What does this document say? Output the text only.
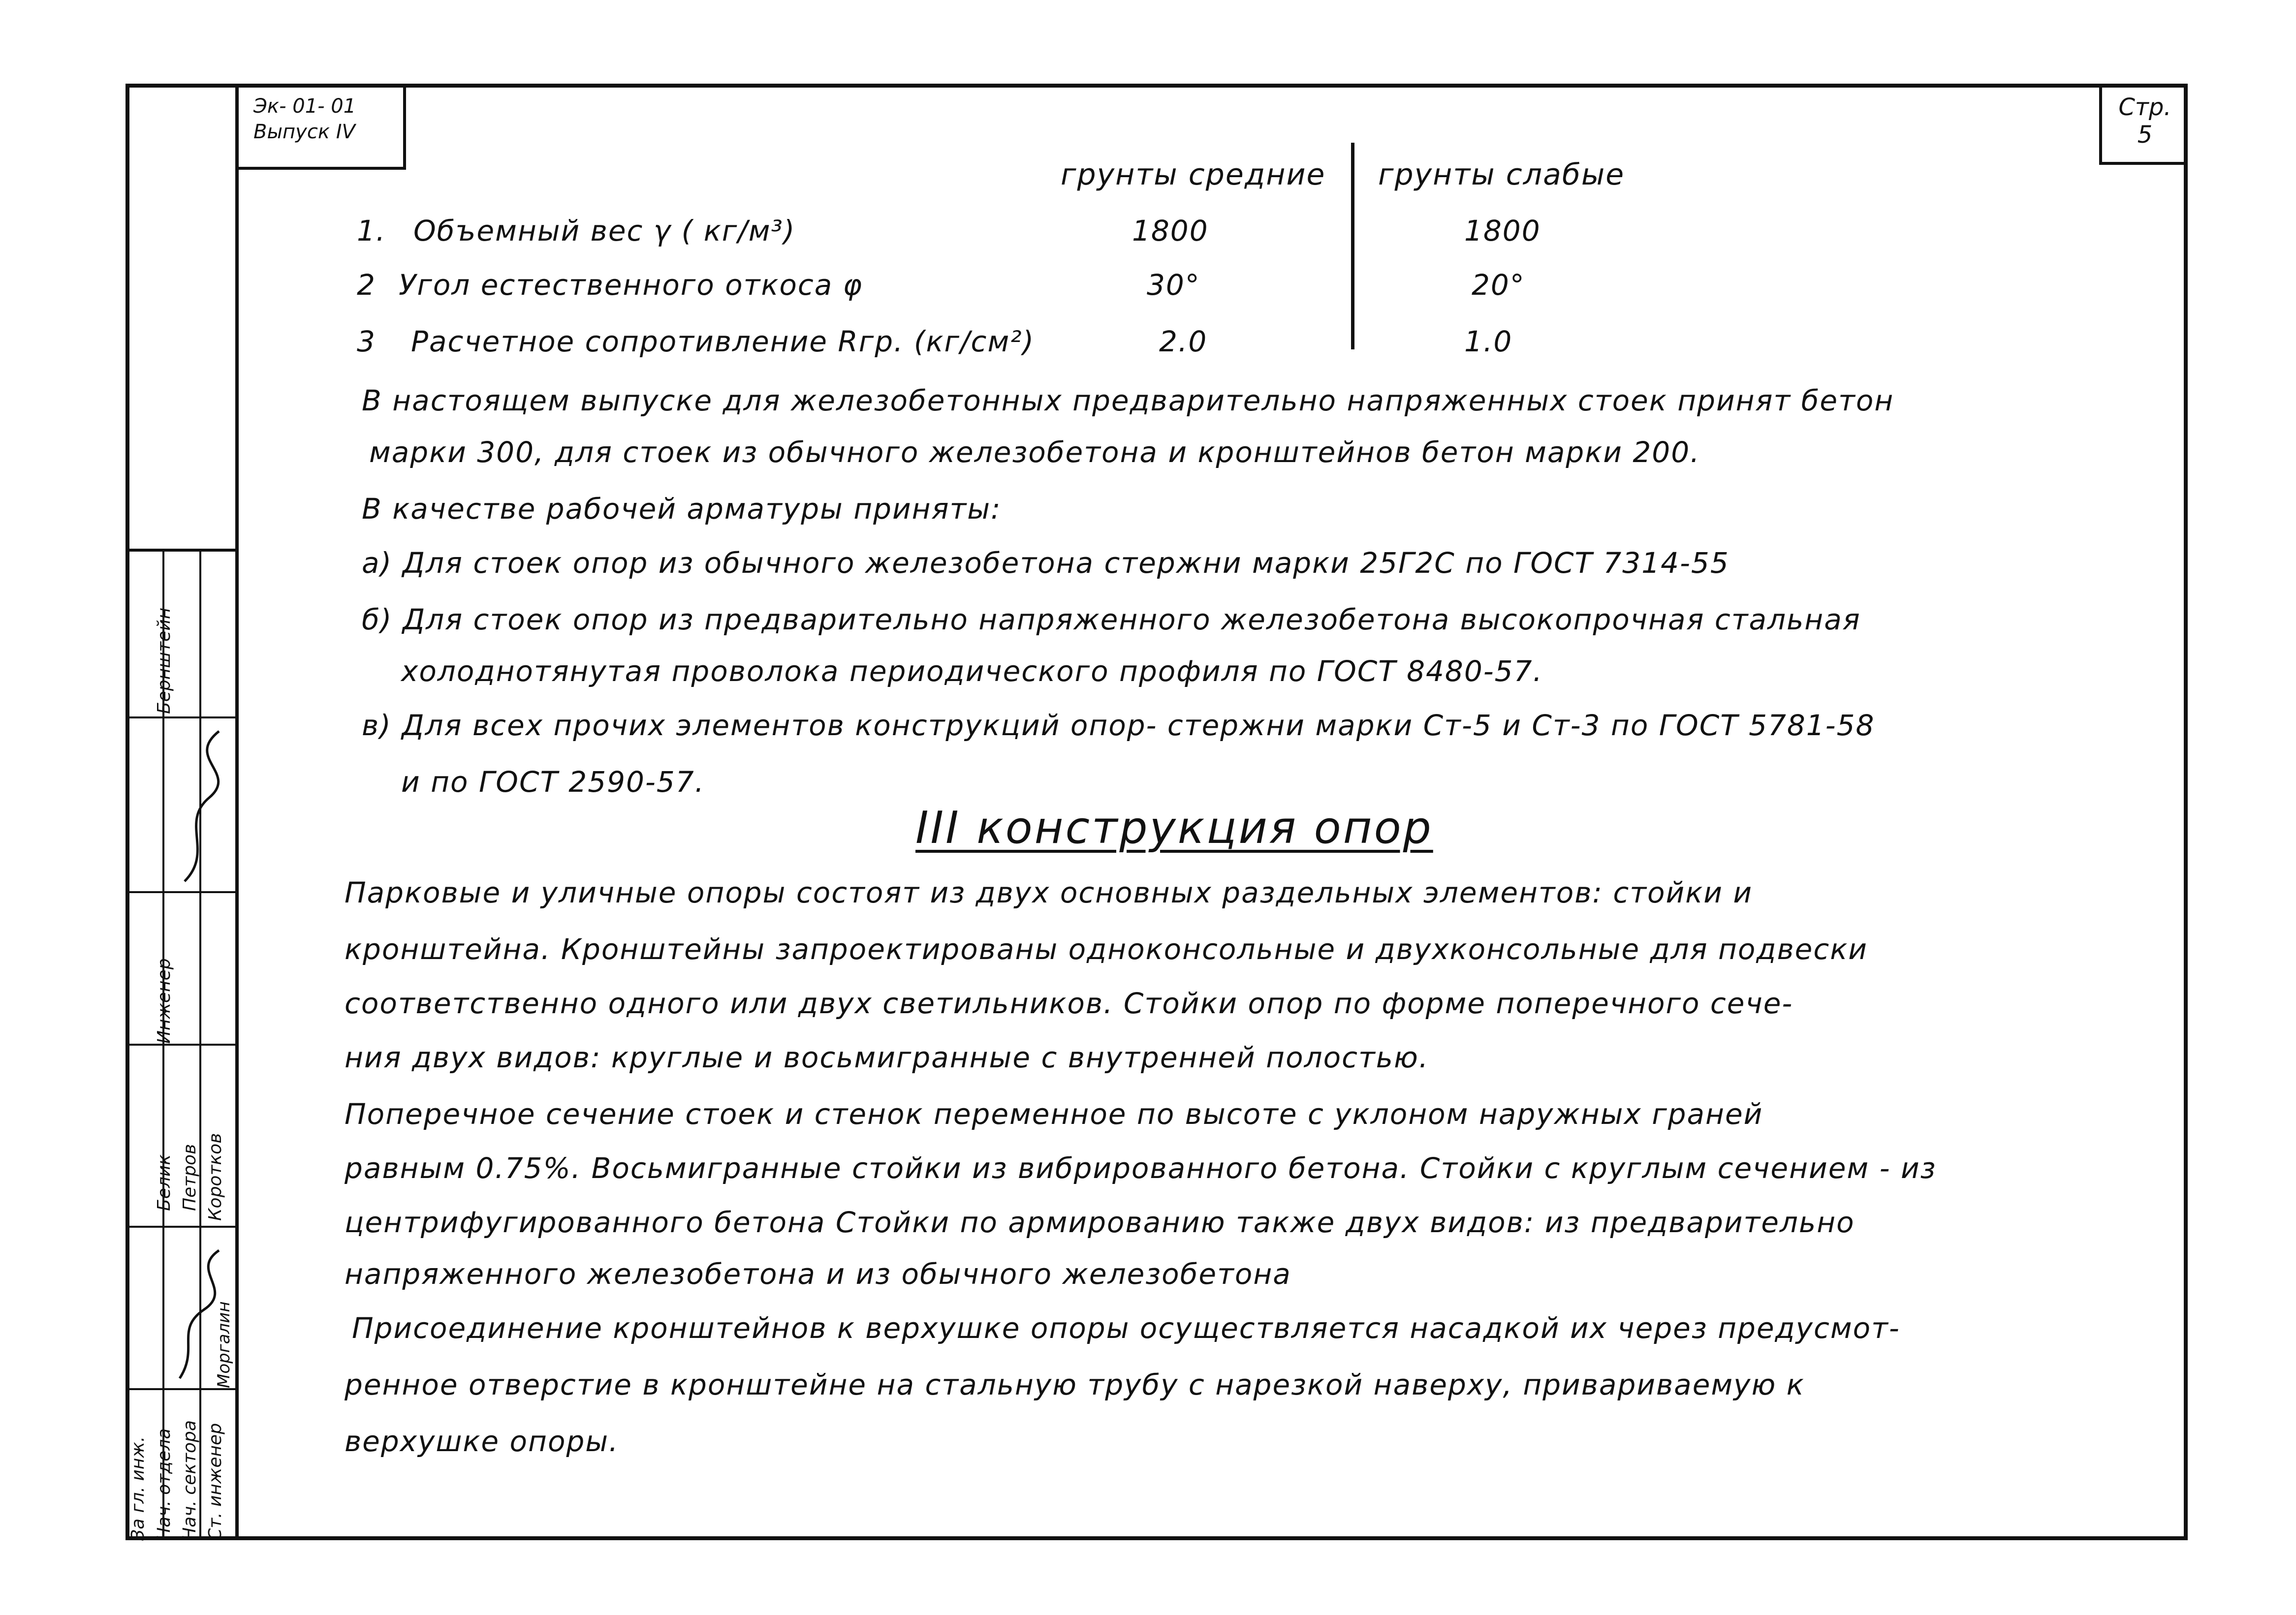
Эк- 01- 01
Выпуск IV
Стр.
5
За гл. инж. Нач. отдела Нач. сектора Ст. инженер
Белик Петров Коротков
Моргалин
Инженер
Бернштейн
грунты средние грунты слабые
1. Объемный вес γ ( кг/м³)	1800	1800
2 Угол естественного откоса φ	30°	20°
3 Расчетное сопротивление Rгр. (кг/см²)	2.0	1.0
В настоящем выпуске для железобетонных предварительно напряженных стоек принят бетон
марки 300, для стоек из обычного железобетона и кронштейнов бетон марки 200.
В качестве рабочей арматуры приняты:
а) Для стоек опор из обычного железобетона стержни марки 25Г2С по ГОСТ 7314-55
б) Для стоек опор из предварительно напряженного железобетона высокопрочная стальная
холоднотянутая проволока периодического профиля по ГОСТ 8480-57.
в) Для всех прочих элементов конструкций опор- стержни марки Ст-5 и Ст-3 по ГОСТ 5781-58
и по ГОСТ 2590-57.
III конструкция опор
Парковые и уличные опоры состоят из двух основных раздельных элементов: стойки и
кронштейна. Кронштейны запроектированы одноконсольные и двухконсольные для подвески
соответственно одного или двух светильников. Стойки опор по форме поперечного сече-
ния двух видов: круглые и восьмигранные с внутренней полостью.
Поперечное сечение стоек и стенок переменное по высоте с уклоном наружных граней
равным 0.75%. Восьмигранные стойки из вибрированного бетона. Стойки с круглым сечением - из
центрифугированного бетона Стойки по армированию также двух видов: из предварительно
напряженного железобетона и из обычного железобетона
Присоединение кронштейнов к верхушке опоры осуществляется насадкой их через предусмот-
ренное отверстие в кронштейне на стальную трубу с нарезкой наверху, привариваемую к
верхушке опоры.
